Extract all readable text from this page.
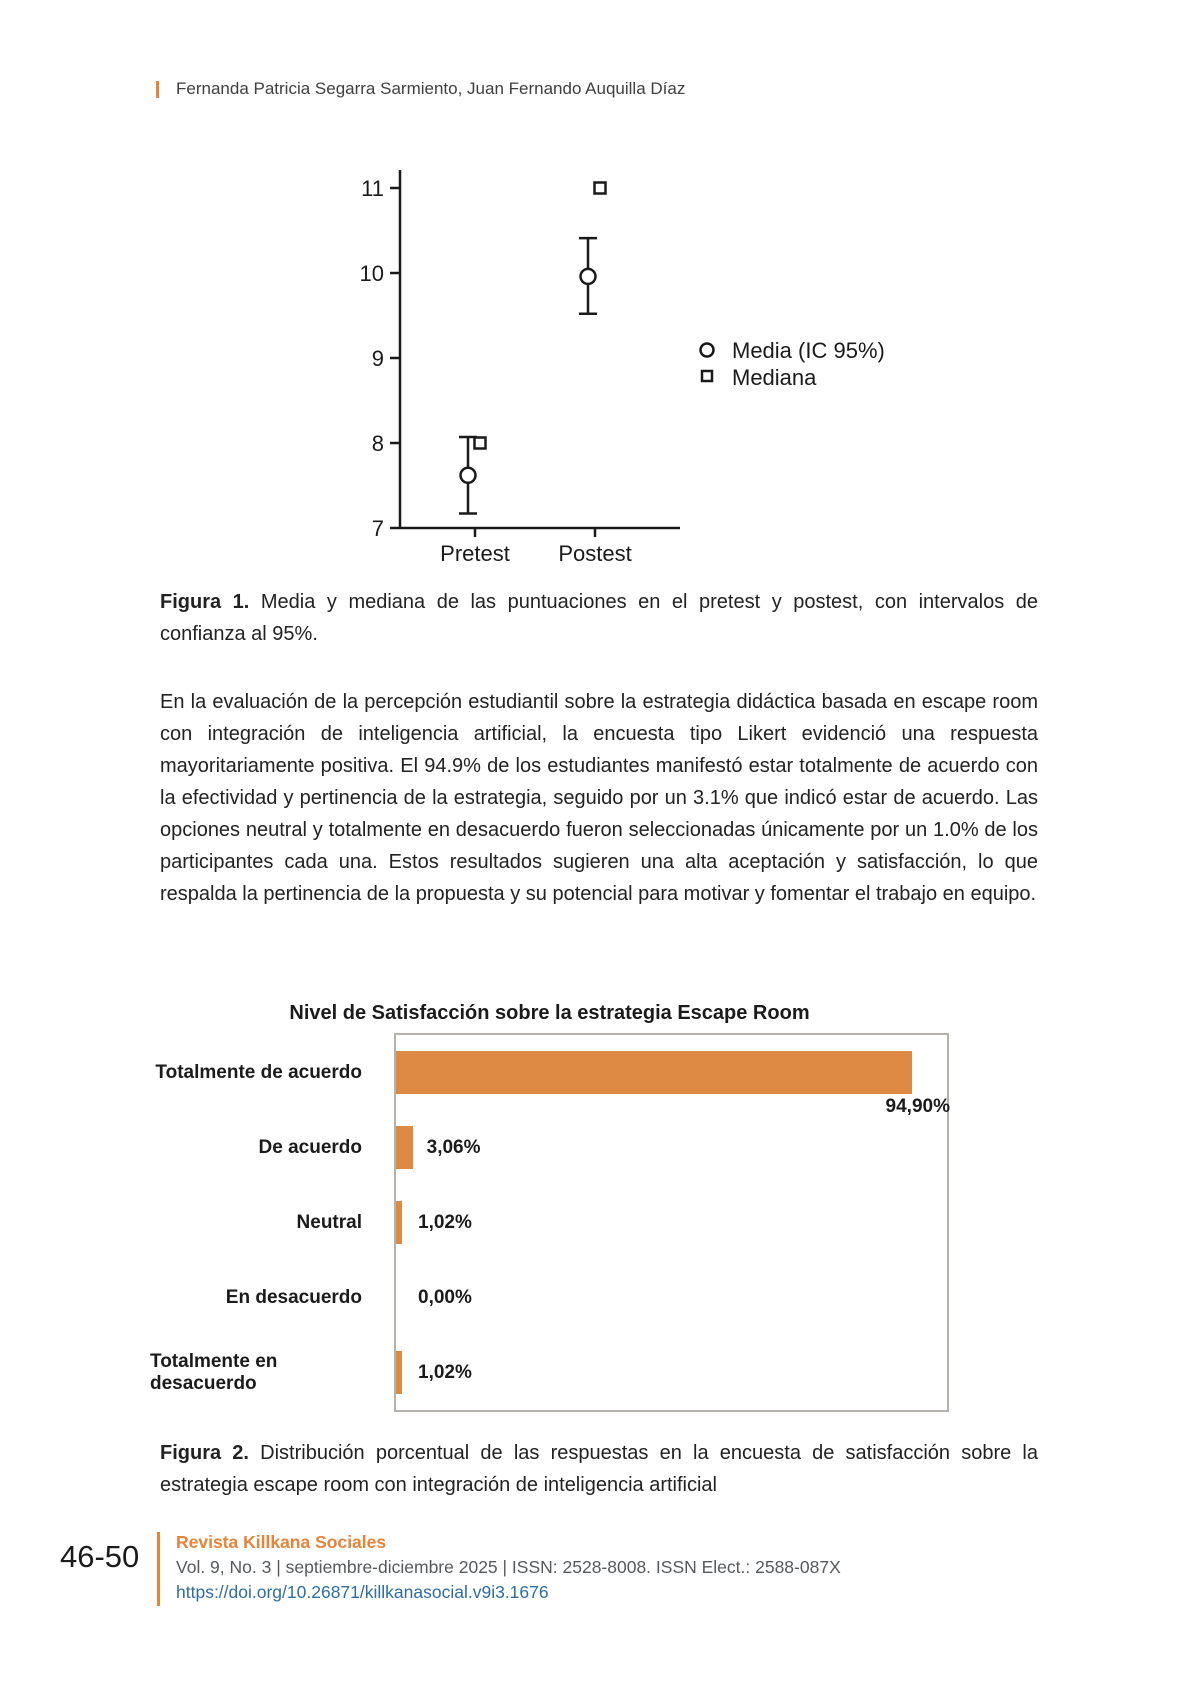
Fernanda Patricia Segarra Sarmiento, Juan Fernando Auquilla Díaz
7
8
9
10
11
Pretest Postest
Media (IC 95%)
Mediana
Figura 1. Media y mediana de las puntuaciones en el pretest y postest, con intervalos de confianza al 95%.
En la evaluación de la percepción estudiantil sobre la estrategia didáctica basada en escape room con integración de inteligencia artificial, la encuesta tipo Likert evidenció una respuesta mayoritariamente positiva. El 94.9% de los estudiantes manifestó estar totalmente de acuerdo con la efectividad y pertinencia de la estrategia, seguido por un 3.1% que indicó estar de acuerdo. Las opciones neutral y totalmente en desacuerdo fueron seleccionadas únicamente por un 1.0% de los participantes cada una. Estos resultados sugieren una alta aceptación y satisfacción, lo que respalda la pertinencia de la propuesta y su potencial para motivar y fomentar el trabajo en equipo.
Nivel de Satisfacción sobre la estrategia Escape Room
Totalmente de acuerdo
De acuerdo
Neutral
En desacuerdo
Totalmente en desacuerdo
94,90%
3,06%
1,02%
0,00%
1,02%
Figura 2. Distribución porcentual de las respuestas en la encuesta de satisfacción sobre la estrategia escape room con integración de inteligencia artificial
46-50 Revista Killkana Sociales
Vol. 9, No. 3 | septiembre-diciembre 2025 | ISSN: 2528-8008. ISSN Elect.: 2588-087X
https://doi.org/10.26871/killkanasocial.v9i3.1676
